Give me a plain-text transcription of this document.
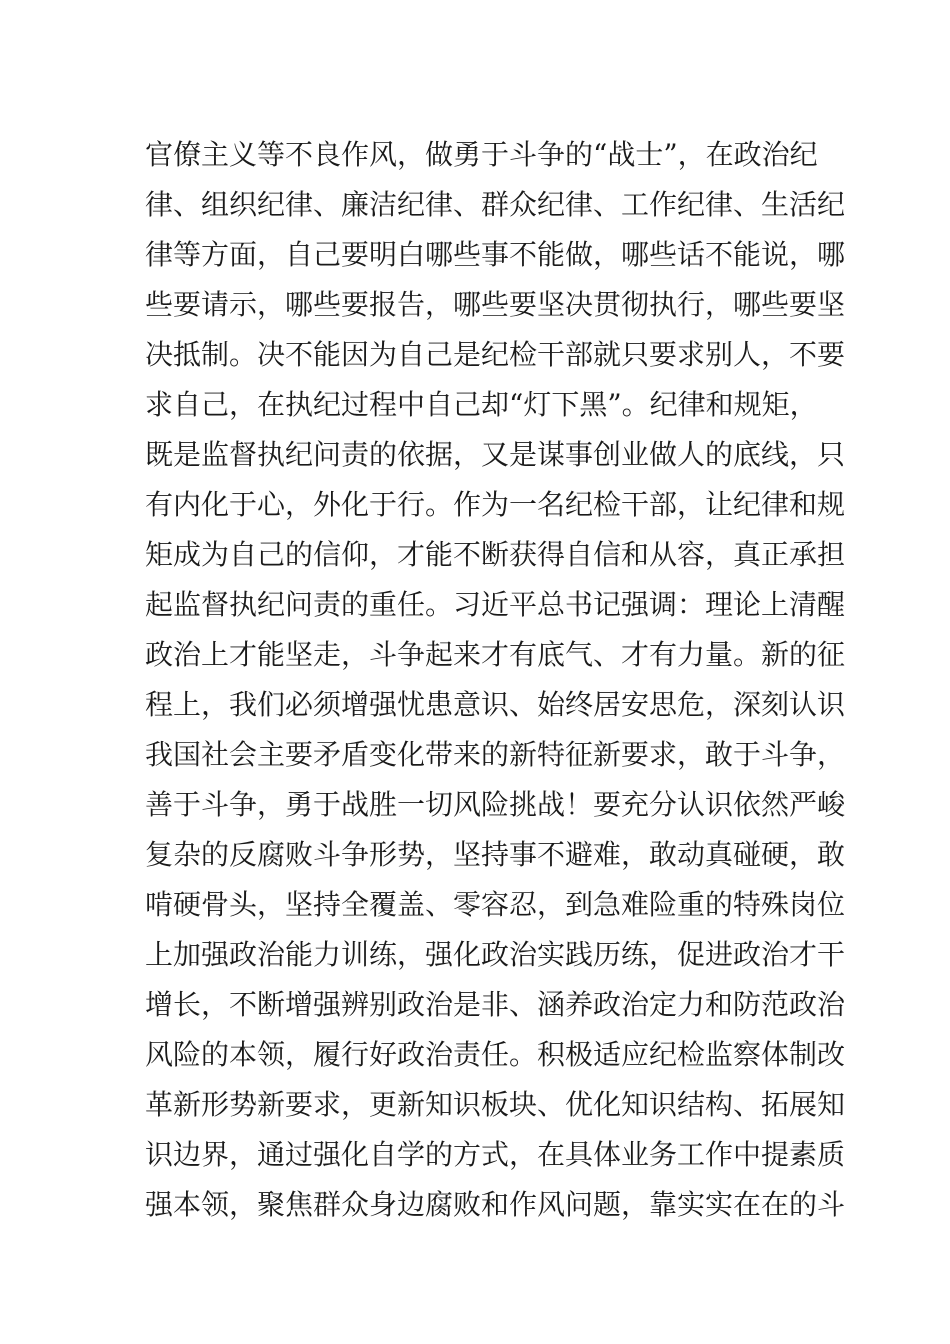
官僚主义等不良作风，做勇于斗争的“战士”，在政治纪
律、组织纪律、廉洁纪律、群众纪律、工作纪律、生活纪
律等方面，自己要明白哪些事不能做，哪些话不能说，哪
些要请示，哪些要报告，哪些要坚决贯彻执行，哪些要坚
决抵制。决不能因为自己是纪检干部就只要求别人，不要
求自己，在执纪过程中自己却“灯下黑”。纪律和规矩，
既是监督执纪问责的依据，又是谋事创业做人的底线，只
有内化于心，外化于行。作为一名纪检干部，让纪律和规
矩成为自己的信仰，才能不断获得自信和从容，真正承担
起监督执纪问责的重任。习近平总书记强调：理论上清醒
政治上才能坚走，斗争起来才有底气、才有力量。新的征
程上，我们必须增强忧患意识、始终居安思危，深刻认识
我国社会主要矛盾变化带来的新特征新要求，敢于斗争，
善于斗争，勇于战胜一切风险挑战！要充分认识依然严峻
复杂的反腐败斗争形势，坚持事不避难，敢动真碰硬，敢
啃硬骨头，坚持全覆盖、零容忍，到急难险重的特殊岗位
上加强政治能力训练，强化政治实践历练，促进政治才干
增长，不断增强辨别政治是非、涵养政治定力和防范政治
风险的本领，履行好政治责任。积极适应纪检监察体制改
革新形势新要求，更新知识板块、优化知识结构、拓展知
识边界，通过强化自学的方式，在具体业务工作中提素质
强本领，聚焦群众身边腐败和作风问题，靠实实在在的斗
